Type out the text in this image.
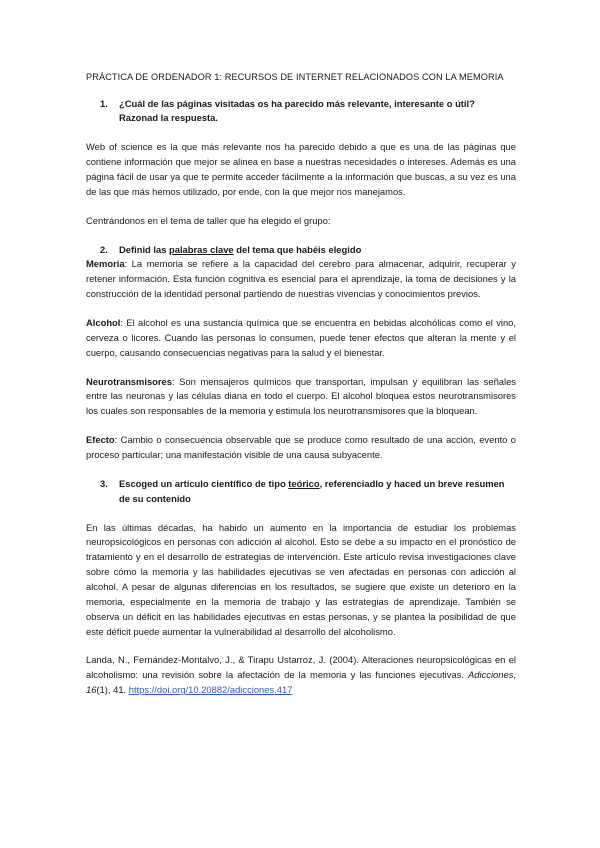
PRÁCTICA DE ORDENADOR 1: RECURSOS DE INTERNET RELACIONADOS CON LA MEMORIA
1.	¿Cuál de las páginas visitadas os ha parecido más relevante, interesante o útil? Razonad la respuesta.

Web of science es la que más relevante nos ha parecido debido a que es una de las páginas que contiene información que mejor se alinea en base a nuestras necesidades o intereses. Además es una página fácil de usar ya que te permite acceder fácilmente a la información que buscas, a su vez es una de las que más hemos utilizado, por ende, con la que mejor nos manejamos.

Centrándonos en el tema de taller que ha elegido el grupo:

2.	Definid las palabras clave del tema que habéis elegido

Memoria: La memoria se refiere a la capacidad del cerebro para almacenar, adquirir, recuperar y retener información. Esta función cognitiva es esencial para el aprendizaje, la toma de decisiones y la construcción de la identidad personal partiendo de nuestras vivencias y conocimientos previos.

Alcohol: El alcohol es una sustancia química que se encuentra en bebidas alcohólicas como el vino, cerveza o licores. Cuando las personas lo consumen, puede tener efectos que alteran la mente y el cuerpo, causando consecuencias negativas para la salud y el bienestar.

Neurotransmisores: Son mensajeros químicos que transportan, impulsan y equilibran las señales entre las neuronas y las células diana en todo el cuerpo. El alcohol bloquea estos neurotransmisores los cuales son responsables de la memoria y estimula los neurotransmisores que la bloquean.

Efecto: Cambio o consecuencia observable que se produce como resultado de una acción, evento o proceso particular; una manifestación visible de una causa subyacente.

3.	Escoged un artículo científico de tipo teórico, referenciadlo y haced un breve resumen de su contenido

En las últimas décadas, ha habido un aumento en la importancia de estudiar los problemas neuropsicológicos en personas con adicción al alcohol. Esto se debe a su impacto en el pronóstico de tratamiento y en el desarrollo de estrategias de intervención. Este artículo revisa investigaciones clave sobre cómo la memoria y las habilidades ejecutivas se ven afectadas en personas con adicción al alcohol. A pesar de algunas diferencias en los resultados, se sugiere que existe un deterioro en la memoria, especialmente en la memoria de trabajo y las estrategias de aprendizaje. También se observa un déficit en las habilidades ejecutivas en estas personas, y se plantea la posibilidad de que este déficit puede aumentar la vulnerabilidad al desarrollo del alcoholismo.

Landa, N., Fernández-Montalvo, J., & Tirapu Ustarroz, J. (2004). Alteraciones neuropsicológicas en el alcoholismo: una revisión sobre la afectación de la memoria y las funciones ejecutivas. Adicciones, 16(1), 41. https://doi.org/10.20882/adicciones.417
